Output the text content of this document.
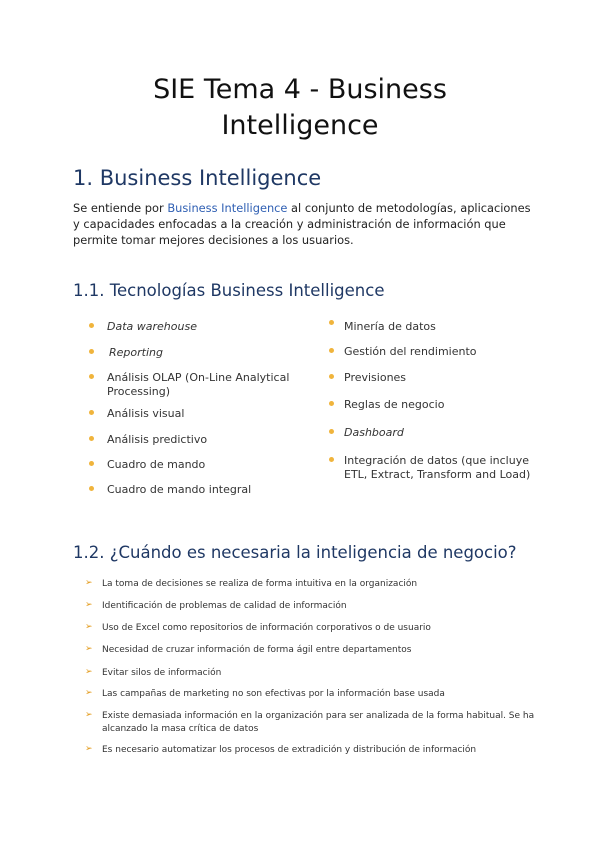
SIE Tema 4 - Business
Intelligence
1. Business Intelligence
Se entiende por Business Intelligence al conjunto de metodologías, aplicaciones
y capacidades enfocadas a la creación y administración de información que
permite tomar mejores decisiones a los usuarios.
1.1. Tecnologías Business Intelligence
Data warehouse
Reporting
Análisis OLAP (On-Line Analytical
Processing)
Análisis visual
Análisis predictivo
Cuadro de mando
Cuadro de mando integral
Minería de datos
Gestión del rendimiento
Previsiones
Reglas de negocio
Dashboard
Integración de datos (que incluye
ETL, Extract, Transform and Load)
1.2. ¿Cuándo es necesaria la inteligencia de negocio?
➢ La toma de decisiones se realiza de forma intuitiva en la organización
➢ Identificación de problemas de calidad de información
➢ Uso de Excel como repositorios de información corporativos o de usuario
➢ Necesidad de cruzar información de forma ágil entre departamentos
➢ Evitar silos de información
➢ Las campañas de marketing no son efectivas por la información base usada
➢ Existe demasiada información en la organización para ser analizada de la forma habitual. Se ha
alcanzado la masa crítica de datos
➢ Es necesario automatizar los procesos de extradición y distribución de información
